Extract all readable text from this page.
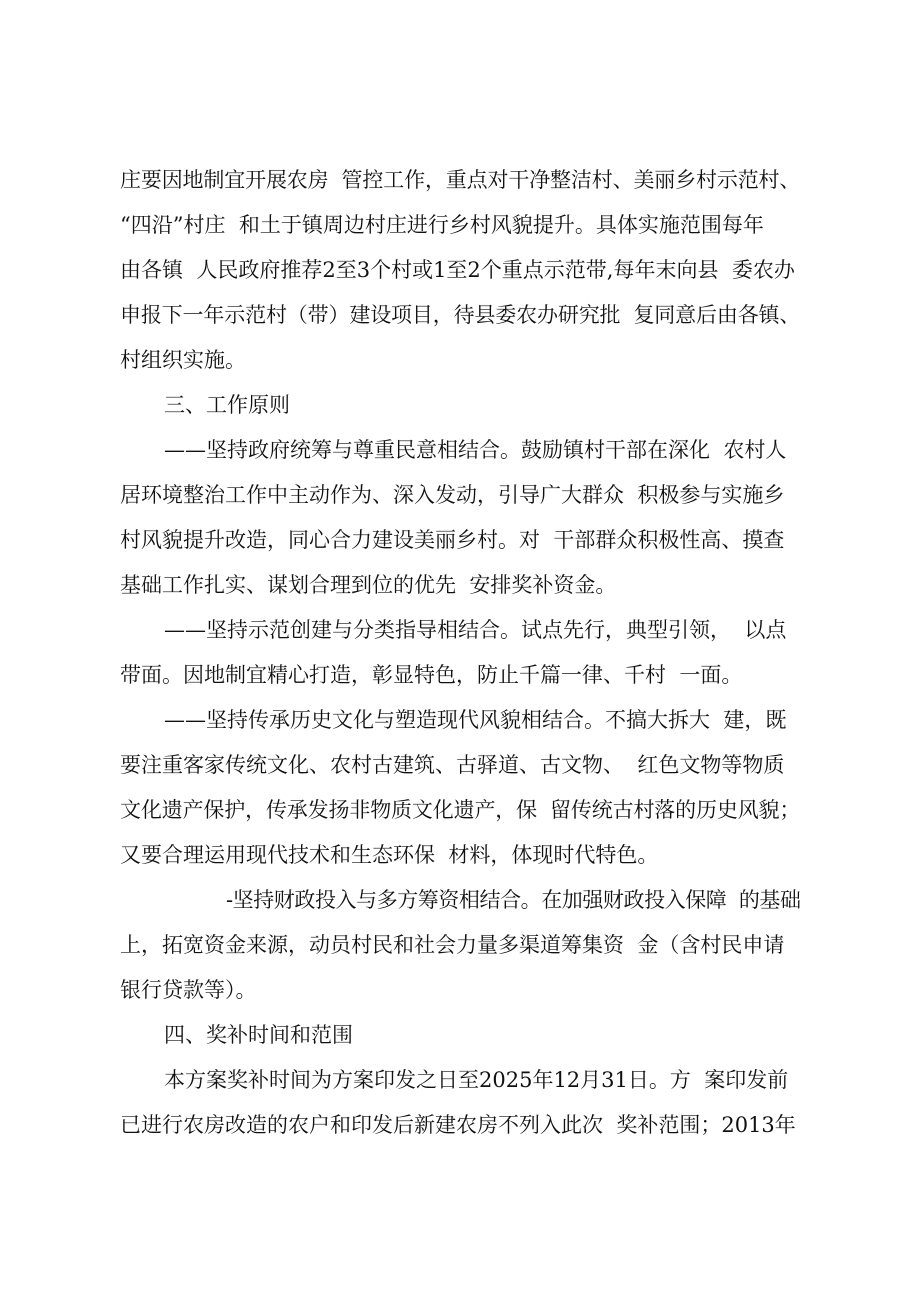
庄要因地制宜开展农房  管控工作，重点对干净整洁村、美丽乡村示范村、
“四沿”村庄  和土于镇周边村庄进行乡村风貌提升。具体实施范围每年
由各镇  人民政府推荐2至3个村或1至2个重点示范带,每年末向县  委农办
申报下一年示范村（带）建设项目，待县委农办研究批  复同意后由各镇、
村组织实施。
三、工作原则
——坚持政府统筹与尊重民意相结合。鼓励镇村干部在深化  农村人
居环境整治工作中主动作为、深入发动，引导广大群众  积极参与实施乡
村风貌提升改造，同心合力建设美丽乡村。对  干部群众积极性高、摸查
基础工作扎实、谋划合理到位的优先  安排奖补资金。
——坚持示范创建与分类指导相结合。试点先行，典型引领，  以点
带面。因地制宜精心打造，彰显特色，防止千篇一律、千村  一面。
——坚持传承历史文化与塑造现代风貌相结合。不搞大拆大  建，既
要注重客家传统文化、农村古建筑、古驿道、古文物、  红色文物等物质
文化遗产保护，传承发扬非物质文化遗产，保  留传统古村落的历史风貌；
又要合理运用现代技术和生态环保  材料，体现时代特色。
-坚持财政投入与多方筹资相结合。在加强财政投入保障  的基础
上，拓宽资金来源，动员村民和社会力量多渠道筹集资  金（含村民申请
银行贷款等）。
四、奖补时间和范围
本方案奖补时间为方案印发之日至2025年12月31日。方  案印发前
已进行农房改造的农户和印发后新建农房不列入此次  奖补范围；2013年
